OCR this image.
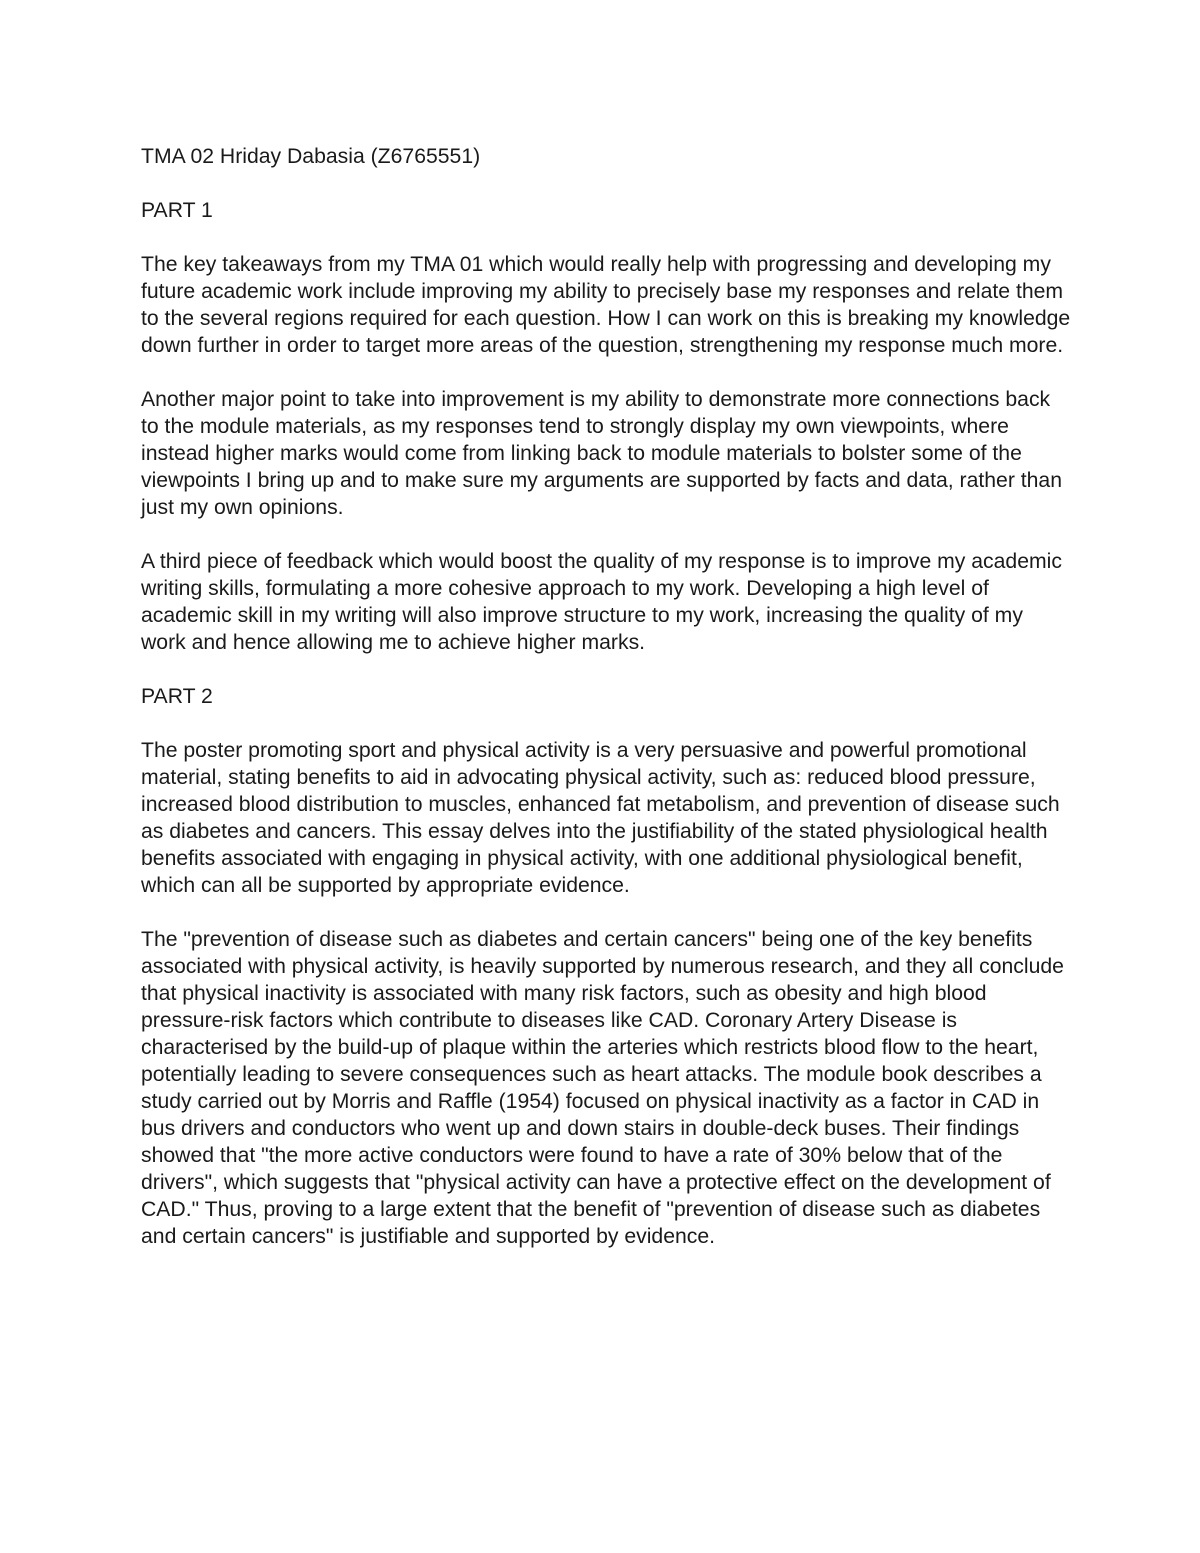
TMA 02 Hriday Dabasia (Z6765551)

PART 1

The key takeaways from my TMA 01 which would really help with progressing and developing my future academic work include improving my ability to precisely base my responses and relate them to the several regions required for each question. How I can work on this is breaking my knowledge down further in order to target more areas of the question, strengthening my response much more.

Another major point to take into improvement is my ability to demonstrate more connections back to the module materials, as my responses tend to strongly display my own viewpoints, where instead higher marks would come from linking back to module materials to bolster some of the viewpoints I bring up and to make sure my arguments are supported by facts and data, rather than just my own opinions.

A third piece of feedback which would boost the quality of my response is to improve my academic writing skills, formulating a more cohesive approach to my work. Developing a high level of academic skill in my writing will also improve structure to my work, increasing the quality of my work and hence allowing me to achieve higher marks.

PART 2

The poster promoting sport and physical activity is a very persuasive and powerful promotional material, stating benefits to aid in advocating physical activity, such as: reduced blood pressure, increased blood distribution to muscles, enhanced fat metabolism, and prevention of disease such as diabetes and cancers. This essay delves into the justifiability of the stated physiological health benefits associated with engaging in physical activity, with one additional physiological benefit, which can all be supported by appropriate evidence.

The "prevention of disease such as diabetes and certain cancers" being one of the key benefits associated with physical activity, is heavily supported by numerous research, and they all conclude that physical inactivity is associated with many risk factors, such as obesity and high blood pressure-risk factors which contribute to diseases like CAD. Coronary Artery Disease is characterised by the build-up of plaque within the arteries which restricts blood flow to the heart, potentially leading to severe consequences such as heart attacks. The module book describes a study carried out by Morris and Raffle (1954) focused on physical inactivity as a factor in CAD in bus drivers and conductors who went up and down stairs in double-deck buses. Their findings showed that "the more active conductors were found to have a rate of 30% below that of the drivers", which suggests that "physical activity can have a protective effect on the development of CAD." Thus, proving to a large extent that the benefit of "prevention of disease such as diabetes and certain cancers" is justifiable and supported by evidence.
